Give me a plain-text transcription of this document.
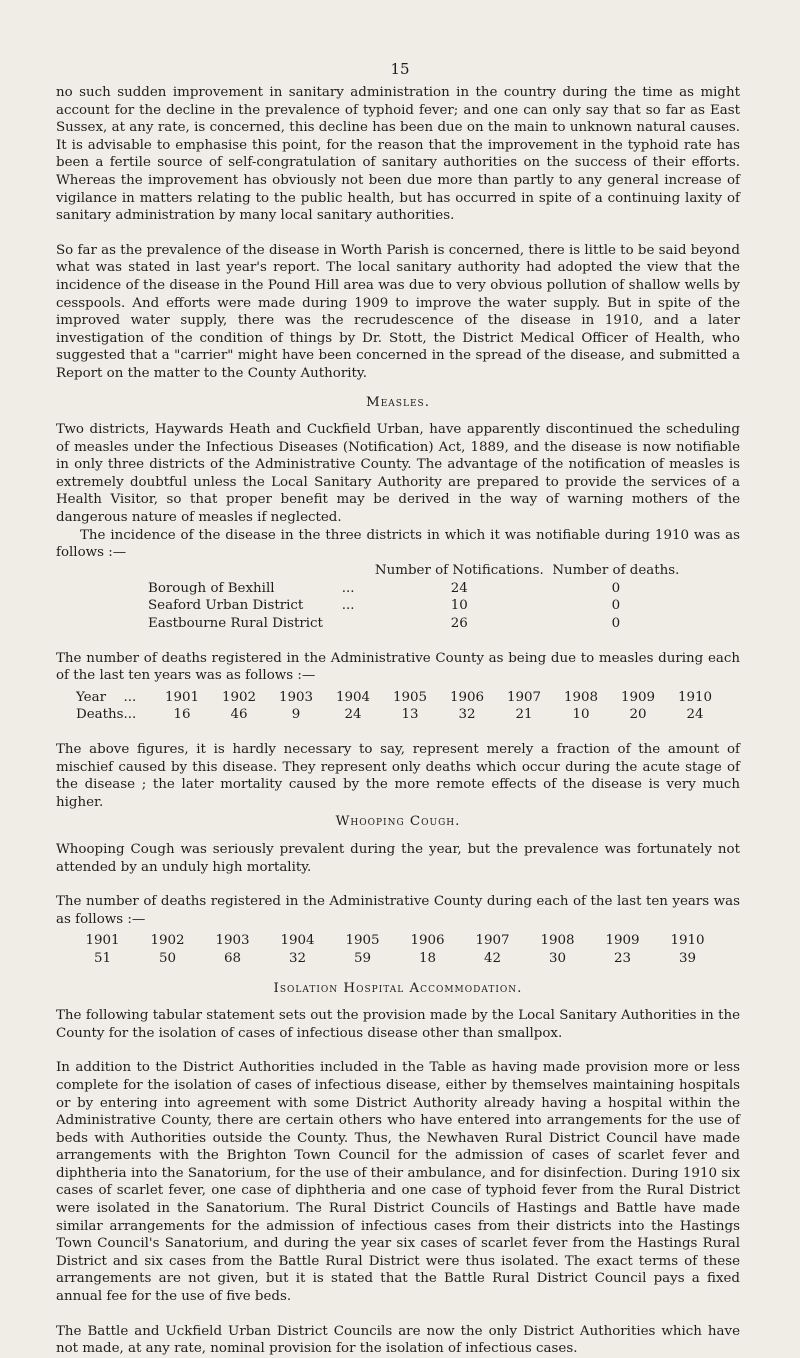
15

no such sudden improvement in sanitary administration in the country during the time as might account for the decline in the prevalence of typhoid fever; and one can only say that so far as East Sussex, at any rate, is concerned, this decline has been due on the main to unknown natural causes. It is advisable to emphasise this point, for the reason that the improvement in the typhoid rate has been a fertile source of self-congratulation of sanitary authorities on the success of their efforts. Whereas the improvement has obviously not been due more than partly to any general increase of vigilance in matters relating to the public health, but has occurred in spite of a continuing laxity of sanitary administration by many local sanitary authorities.

So far as the prevalence of the disease in Worth Parish is concerned, there is little to be said beyond what was stated in last year's report. The local sanitary authority had adopted the view that the incidence of the disease in the Pound Hill area was due to very obvious pollution of shallow wells by cesspools. And efforts were made during 1909 to improve the water supply. But in spite of the improved water supply, there was the recrudescence of the disease in 1910, and a later investigation of the condition of things by Dr. Stott, the District Medical Officer of Health, who suggested that a "carrier" might have been concerned in the spread of the disease, and submitted a Report on the matter to the County Authority.

Measles.

Two districts, Haywards Heath and Cuckfield Urban, have apparently discontinued the scheduling of measles under the Infectious Diseases (Notification) Act, 1889, and the disease is now notifiable in only three districts of the Administrative County. The advantage of the notification of measles is extremely doubtful unless the Local Sanitary Authority are prepared to provide the services of a Health Visitor, so that proper benefit may be derived in the way of warning mothers of the dangerous nature of measles if neglected.

The incidence of the disease in the three districts in which it was notifiable during 1910 was as follows :—

		Number of Notifications.	Number of deaths.
Borough of Bexhill	...	24	0
Seaford Urban District	...	10	0
Eastbourne Rural District		26	0

The number of deaths registered in the Administrative County as being due to measles during each of the last ten years was as follows :—

Year	...	1901	1902	1903	1904	1905	1906	1907	1908	1909	1910
Deaths	...	16	46	9	24	13	32	21	10	20	24

The above figures, it is hardly necessary to say, represent merely a fraction of the amount of mischief caused by this disease. They represent only deaths which occur during the acute stage of the disease ; the later mortality caused by the more remote effects of the disease is very much higher.

Whooping Cough.

Whooping Cough was seriously prevalent during the year, but the prevalence was fortunately not attended by an unduly high mortality.

The number of deaths registered in the Administrative County during each of the last ten years was as follows :—

1901	1902	1903	1904	1905	1906	1907	1908	1909	1910
51	50	68	32	59	18	42	30	23	39
Isolation Hospital Accommodation.

The following tabular statement sets out the provision made by the Local Sanitary Authorities in the County for the isolation of cases of infectious disease other than smallpox.

In addition to the District Authorities included in the Table as having made provision more or less complete for the isolation of cases of infectious disease, either by themselves maintaining hospitals or by entering into agreement with some District Authority already having a hospital within the Administrative County, there are certain others who have entered into arrangements for the use of beds with Authorities outside the County. Thus, the Newhaven Rural District Council have made arrangements with the Brighton Town Council for the admission of cases of scarlet fever and diphtheria into the Sanatorium, for the use of their ambulance, and for disinfection. During 1910 six cases of scarlet fever, one case of diphtheria and one case of typhoid fever from the Rural District were isolated in the Sanatorium. The Rural District Councils of Hastings and Battle have made similar arrangements for the admission of infectious cases from their districts into the Hastings Town Council's Sanatorium, and during the year six cases of scarlet fever from the Hastings Rural District and six cases from the Battle Rural District were thus isolated. The exact terms of these arrangements are not given, but it is stated that the Battle Rural District Council pays a fixed annual fee for the use of five beds.

The Battle and Uckfield Urban District Councils are now the only District Authorities which have not made, at any rate, nominal provision for the isolation of infectious cases.
